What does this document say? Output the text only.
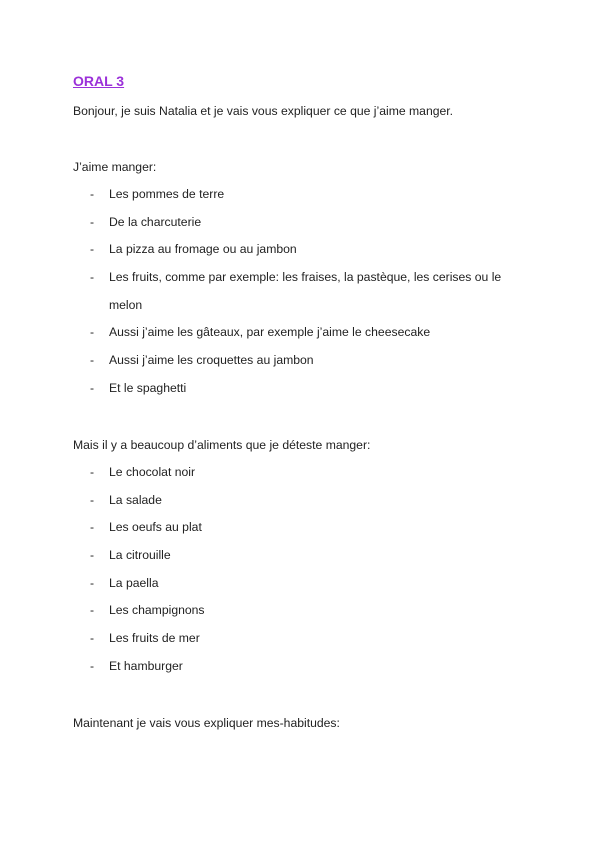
ORAL 3

Bonjour, je suis Natalia et je vais vous expliquer ce que j’aime manger.

J’aime manger:

- Les pommes de terre
- De la charcuterie
- La pizza au fromage ou au jambon
- Les fruits, comme par exemple: les fraises, la pastèque, les cerises ou le melon
- Aussi j’aime les gâteaux, par exemple j’aime le cheesecake
- Aussi j’aime les croquettes au jambon
- Et le spaghetti

Mais il y a beaucoup d’aliments que je déteste manger:

- Le chocolat noir
- La salade
- Les oeufs au plat
- La citrouille
- La paella
- Les champignons
- Les fruits de mer
- Et hamburger

Maintenant je vais vous expliquer mes-habitudes:
